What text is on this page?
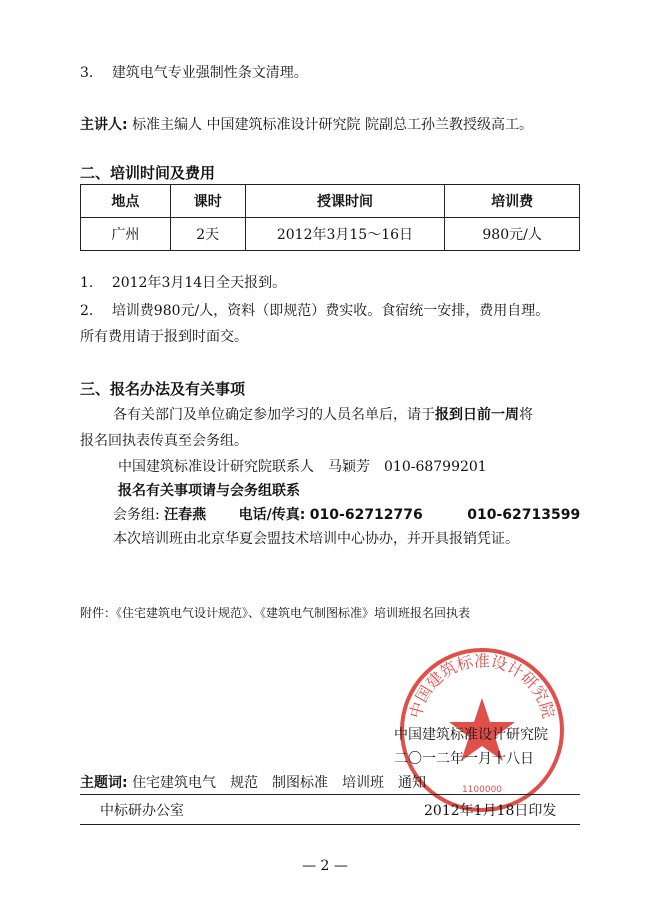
3. 建筑电气专业强制性条文清理。
主讲人: 标准主编人 中国建筑标准设计研究院 院副总工孙兰教授级高工。
二、培训时间及费用
地点	课时	授课时间	培训费
广州	2天	2012年3月15～16日	980元/人
1. 2012年3月14日全天报到。
2. 培训费980元/人，资料（即规范）费实收。食宿统一安排，费用自理。
所有费用请于报到时面交。
三、报名办法及有关事项
各有关部门及单位确定参加学习的人员名单后，请于报到日前一周将
报名回执表传真至会务组。
中国建筑标准设计研究院联系人　马颖芳　010-68799201
报名有关事项请与会务组联系
会务组: 汪春燕 电话/传真: 010-62712776	010-62713599
本次培训班由北京华夏会盟技术培训中心协办，并开具报销凭证。
附件：《住宅建筑电气设计规范》、《建筑电气制图标准》培训班报名回执表
中国建筑标准设计研究院
1100000
中国建筑标准设计研究院
二〇一二年一月十八日
主题词: 住宅建筑电气　规范　制图标准　培训班　通知
中标研办公室	2012年1月18日印发
— 2 —
